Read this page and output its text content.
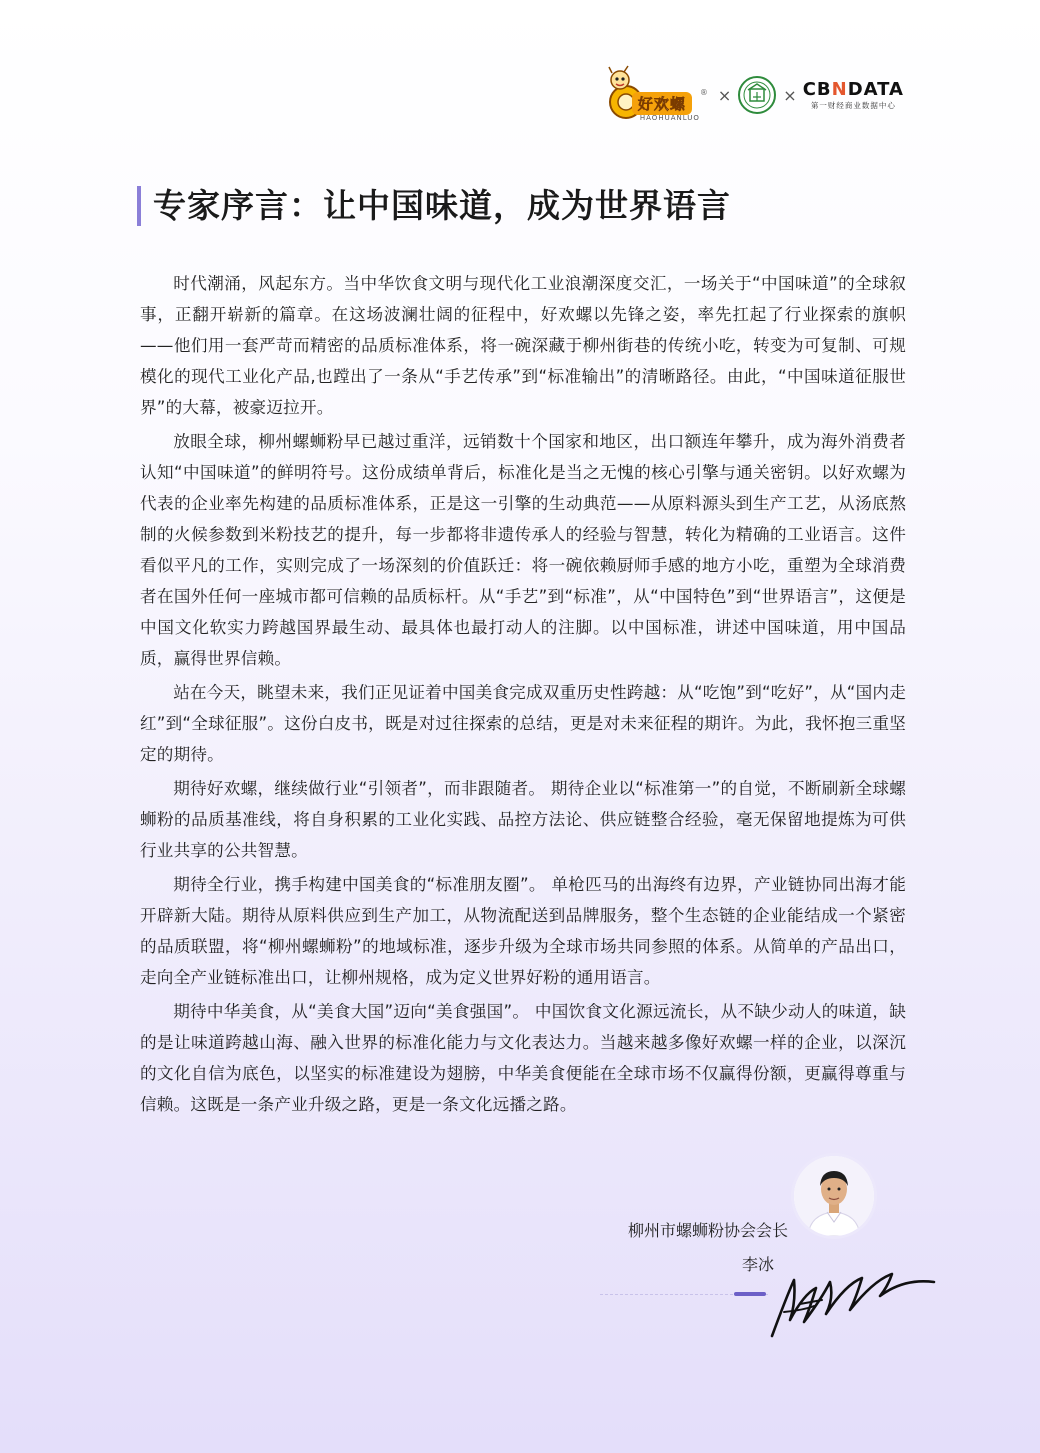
好欢螺
®
HAOHUANLUO
×	× CBNDATA
第一财经商业数据中心
专家序言：让中国味道，成为世界语言

时代潮涌，风起东方。当中华饮食文明与现代化工业浪潮深度交汇，一场关于“中国味道”的全球叙事，正翻开崭新的篇章。在这场波澜壮阔的征程中，好欢螺以先锋之姿，率先扛起了行业探索的旗帜——他们用一套严苛而精密的品质标准体系，将一碗深藏于柳州街巷的传统小吃，转变为可复制、可规模化的现代工业化产品,也蹚出了一条从“手艺传承”到“标准输出”的清晰路径。由此，“中国味道征服世界”的大幕，被豪迈拉开。

放眼全球，柳州螺蛳粉早已越过重洋，远销数十个国家和地区，出口额连年攀升，成为海外消费者认知“中国味道”的鲜明符号。这份成绩单背后，标准化是当之无愧的核心引擎与通关密钥。以好欢螺为代表的企业率先构建的品质标准体系，正是这一引擎的生动典范——从原料源头到生产工艺，从汤底熬制的火候参数到米粉技艺的提升，每一步都将非遗传承人的经验与智慧，转化为精确的工业语言。这件看似平凡的工作，实则完成了一场深刻的价值跃迁：将一碗依赖厨师手感的地方小吃，重塑为全球消费者在国外任何一座城市都可信赖的品质标杆。从“手艺”到“标准”，从“中国特色”到“世界语言”，这便是中国文化软实力跨越国界最生动、最具体也最打动人的注脚。以中国标准，讲述中国味道，用中国品质，赢得世界信赖。

站在今天，眺望未来，我们正见证着中国美食完成双重历史性跨越：从“吃饱”到“吃好”，从“国内走红”到“全球征服”。这份白皮书，既是对过往探索的总结，更是对未来征程的期许。为此，我怀抱三重坚定的期待。

期待好欢螺，继续做行业“引领者”，而非跟随者。 期待企业以“标准第一”的自觉，不断刷新全球螺蛳粉的品质基准线，将自身积累的工业化实践、品控方法论、供应链整合经验，毫无保留地提炼为可供行业共享的公共智慧。

期待全行业，携手构建中国美食的“标准朋友圈”。 单枪匹马的出海终有边界，产业链协同出海才能开辟新大陆。期待从原料供应到生产加工，从物流配送到品牌服务，整个生态链的企业能结成一个紧密的品质联盟，将“柳州螺蛳粉”的地域标准，逐步升级为全球市场共同参照的体系。从简单的产品出口，走向全产业链标准出口，让柳州规格，成为定义世界好粉的通用语言。

期待中华美食，从“美食大国”迈向“美食强国”。 中国饮食文化源远流长，从不缺少动人的味道，缺的是让味道跨越山海、融入世界的标准化能力与文化表达力。当越来越多像好欢螺一样的企业，以深沉的文化自信为底色，以坚实的标准建设为翅膀，中华美食便能在全球市场不仅赢得份额，更赢得尊重与信赖。这既是一条产业升级之路，更是一条文化远播之路。

柳州市螺蛳粉协会会长

李冰
